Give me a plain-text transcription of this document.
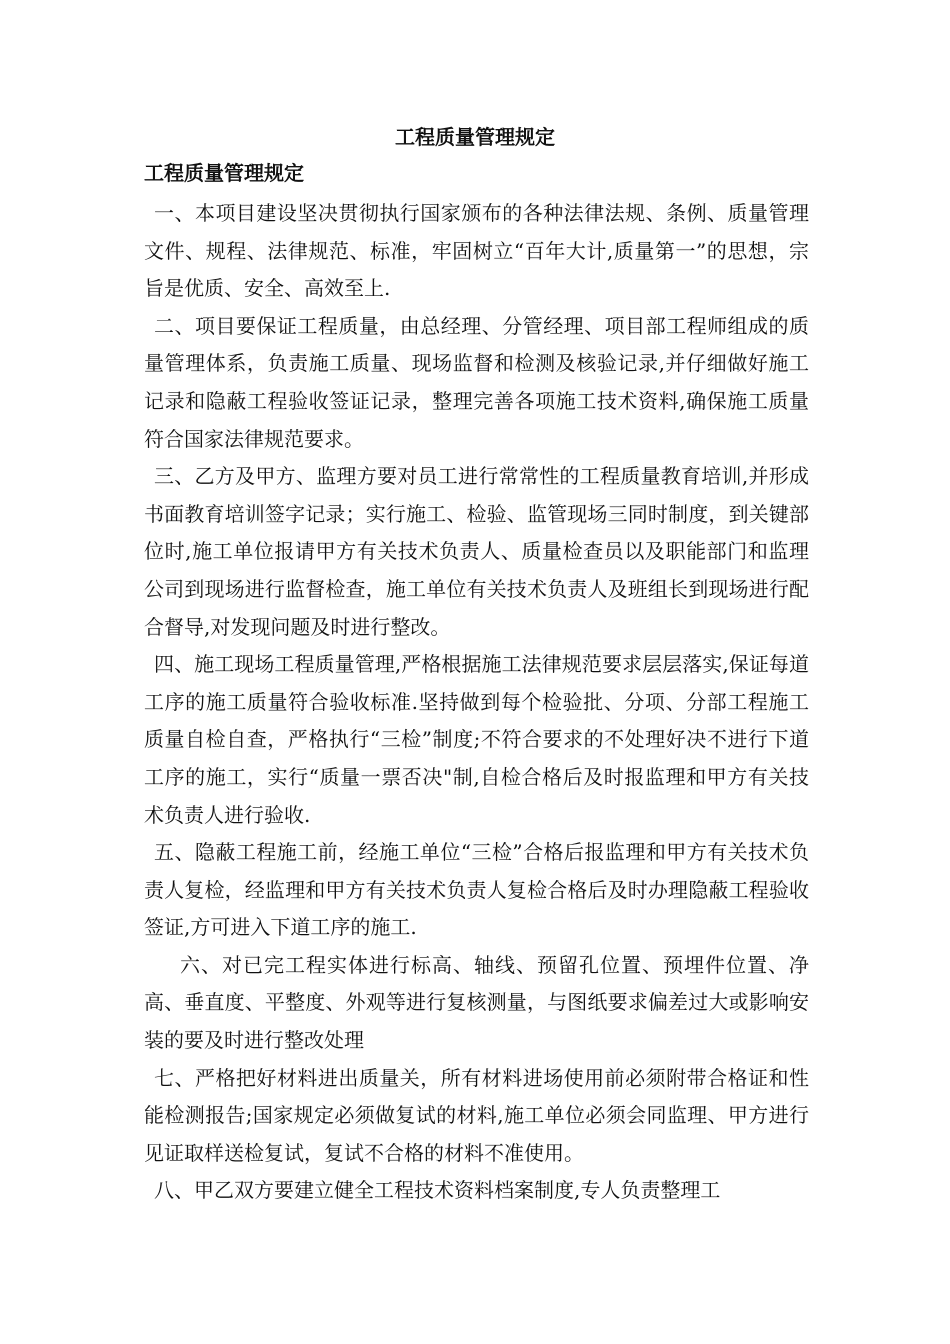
工程质量管理规定
工程质量管理规定

一、本项目建设坚决贯彻执行国家颁布的各种法律法规、条例、质量管理文件、规程、法律规范、标准，牢固树立“百年大计,质量第一”的思想，宗旨是优质、安全、高效至上.

二、项目要保证工程质量，由总经理、分管经理、项目部工程师组成的质量管理体系，负责施工质量、现场监督和检测及核验记录,并仔细做好施工记录和隐蔽工程验收签证记录，整理完善各项施工技术资料,确保施工质量符合国家法律规范要求。

三、乙方及甲方、监理方要对员工进行常常性的工程质量教育培训,并形成书面教育培训签字记录；实行施工、检验、监管现场三同时制度，到关键部位时,施工单位报请甲方有关技术负责人、质量检查员以及职能部门和监理公司到现场进行监督检查，施工单位有关技术负责人及班组长到现场进行配合督导,对发现问题及时进行整改。

四、施工现场工程质量管理,严格根据施工法律规范要求层层落实,保证每道工序的施工质量符合验收标准.坚持做到每个检验批、分项、分部工程施工质量自检自查，严格执行“三检”制度;不符合要求的不处理好决不进行下道工序的施工，实行“质量一票否决"制,自检合格后及时报监理和甲方有关技术负责人进行验收.

五、隐蔽工程施工前，经施工单位“三检”合格后报监理和甲方有关技术负责人复检，经监理和甲方有关技术负责人复检合格后及时办理隐蔽工程验收签证,方可进入下道工序的施工.

六、对已完工程实体进行标高、轴线、预留孔位置、预埋件位置、净高、垂直度、平整度、外观等进行复核测量，与图纸要求偏差过大或影响安装的要及时进行整改处理

七、严格把好材料进出质量关，所有材料进场使用前必须附带合格证和性能检测报告;国家规定必须做复试的材料,施工单位必须会同监理、甲方进行见证取样送检复试，复试不合格的材料不准使用。

八、甲乙双方要建立健全工程技术资料档案制度,专人负责整理工
